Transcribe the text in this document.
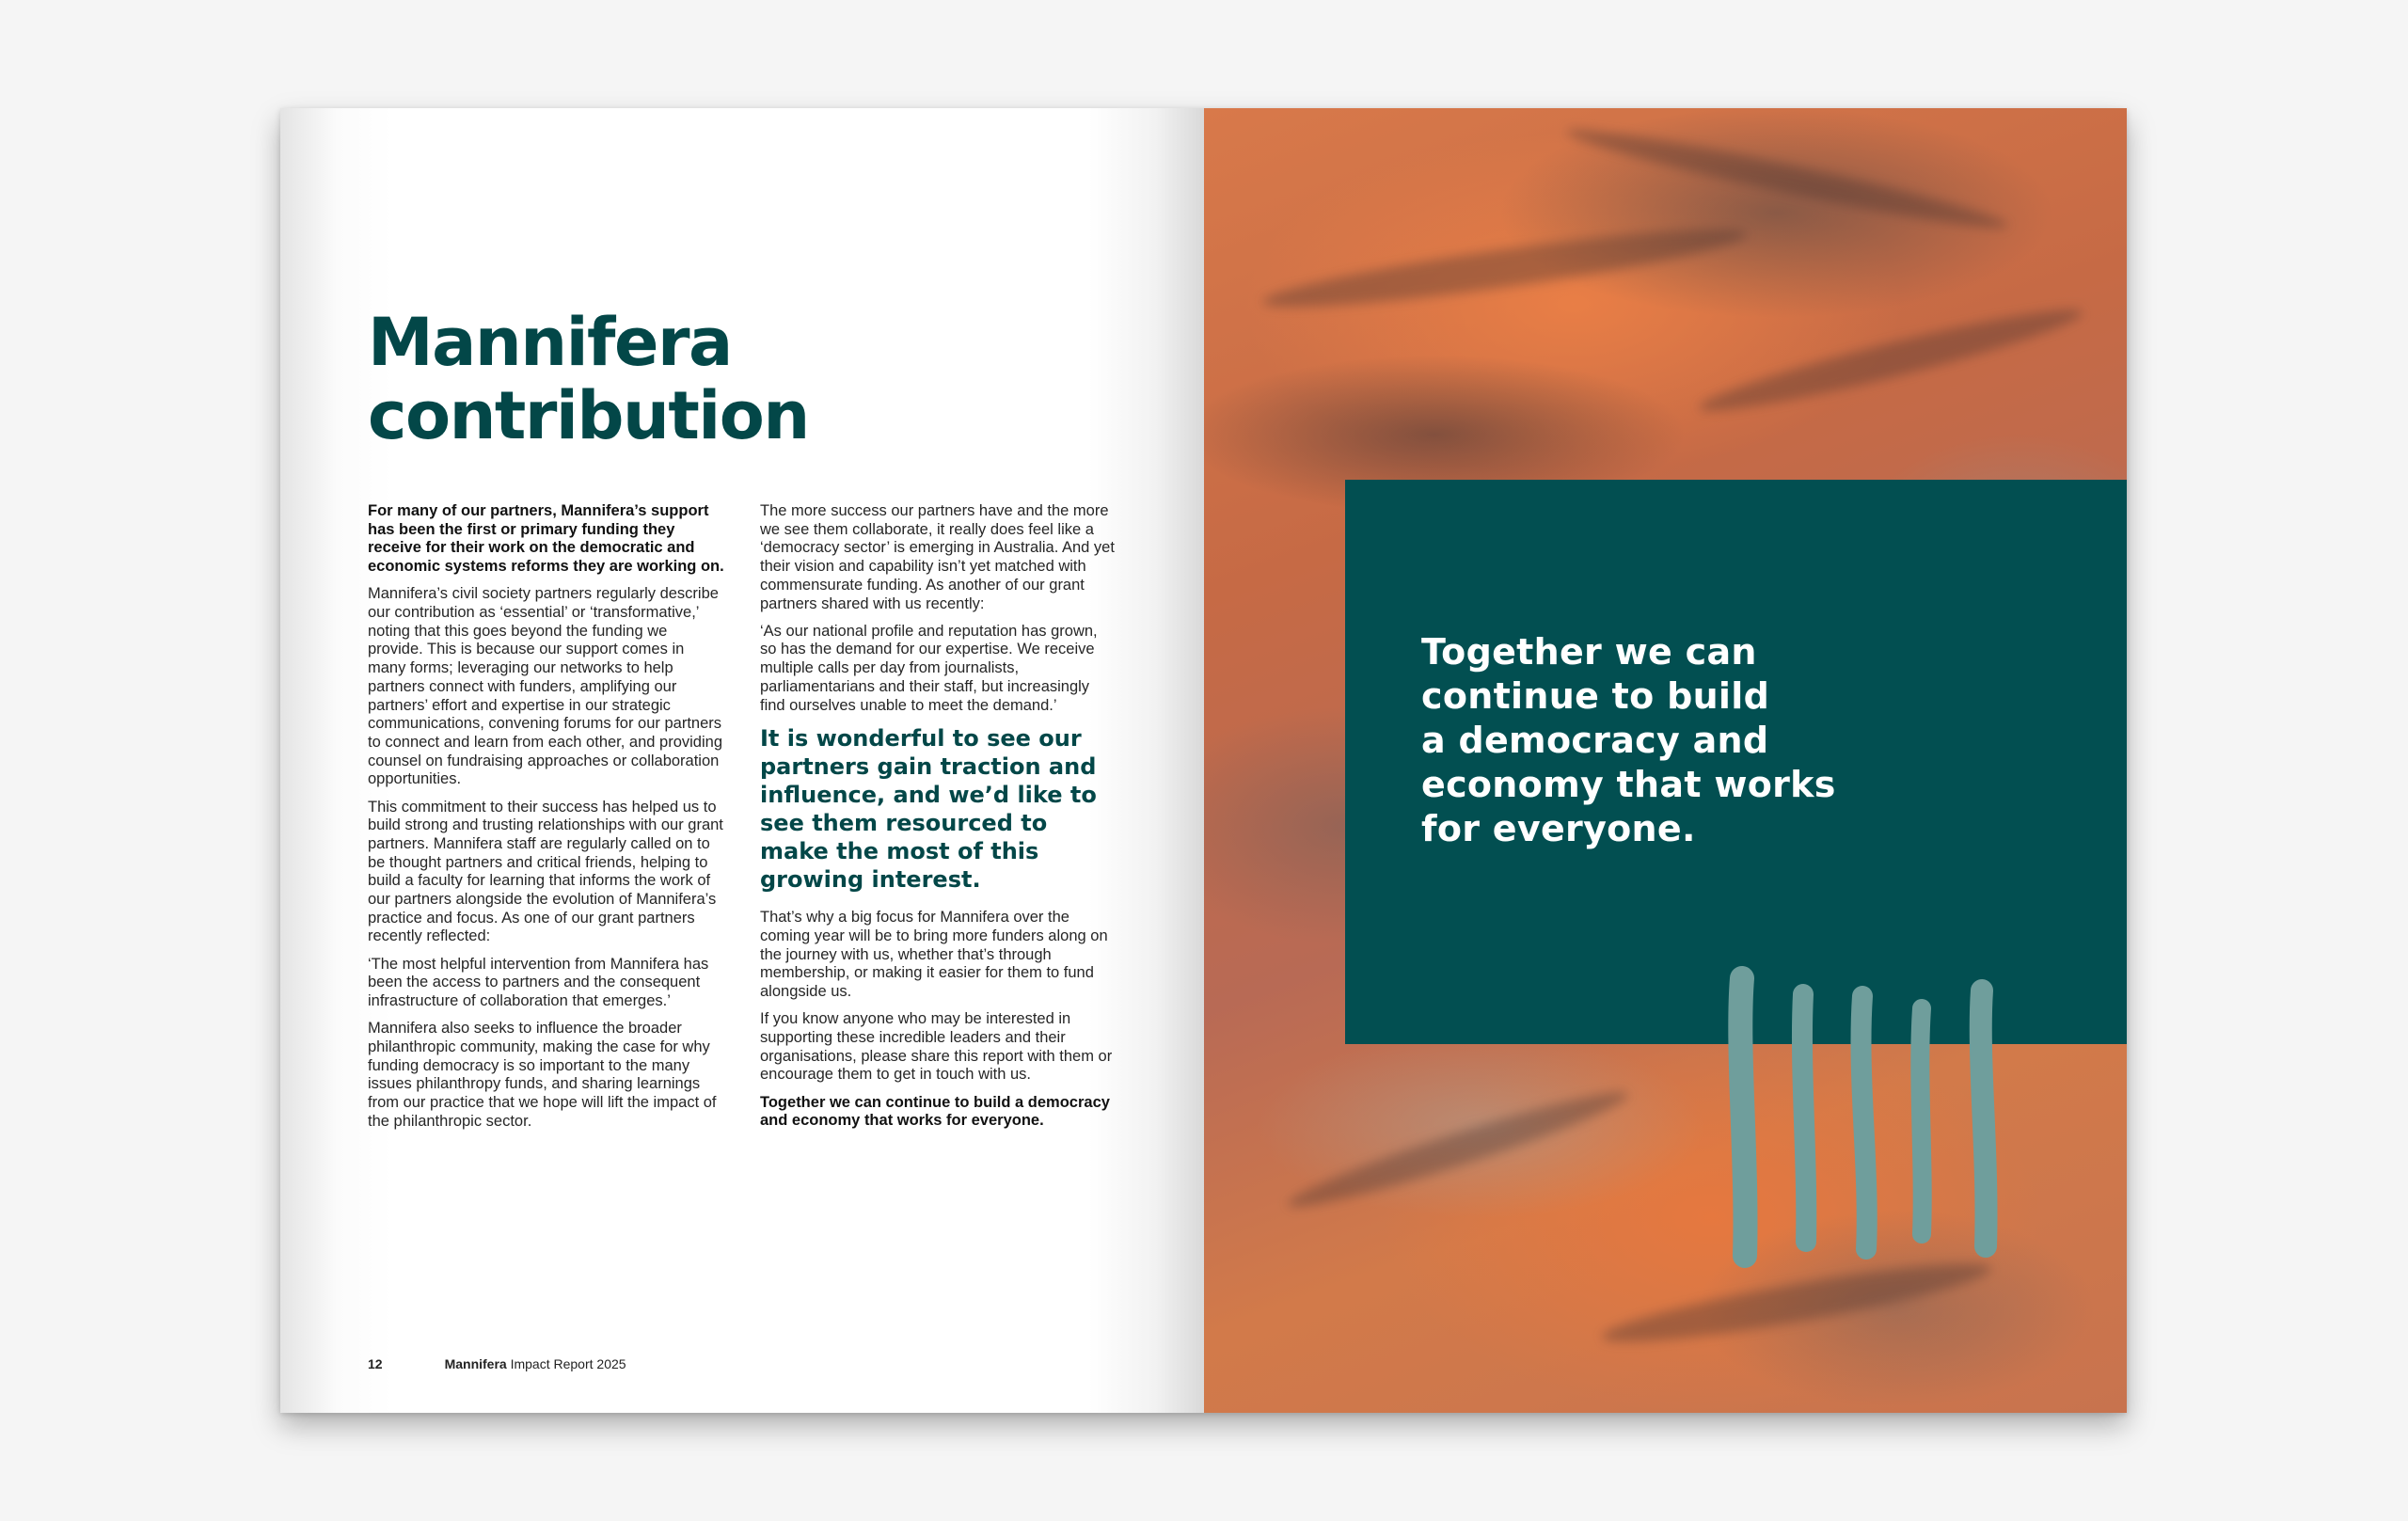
Mannifera
contribution

For many of our partners, Mannifera’s support has been the first or primary funding they receive for their work on the democratic and economic systems reforms they are working on.

Mannifera’s civil society partners regularly describe our contribution as ‘essential’ or ‘transformative,’ noting that this goes beyond the funding we provide. This is because our support comes in many forms; leveraging our networks to help partners connect with funders, amplifying our partners’ effort and expertise in our strategic communications, convening forums for our partners to connect and learn from each other, and providing counsel on fundraising approaches or collaboration opportunities.

This commitment to their success has helped us to build strong and trusting relationships with our grant partners. Mannifera staff are regularly called on to be thought partners and critical friends, helping to build a faculty for learning that informs the work of our partners alongside the evolution of Mannifera’s practice and focus. As one of our grant partners recently reflected:

‘The most helpful intervention from Mannifera has been the access to partners and the consequent infrastructure of collaboration that emerges.’

Mannifera also seeks to influence the broader philanthropic community, making the case for why funding democracy is so important to the many issues philanthropy funds, and sharing learnings from our practice that we hope will lift the impact of the philanthropic sector.

The more success our partners have and the more we see them collaborate, it really does feel like a ‘democracy sector’ is emerging in Australia. And yet their vision and capability isn’t yet matched with commensurate funding. As another of our grant partners shared with us recently:

‘As our national profile and reputation has grown, so has the demand for our expertise. We receive multiple calls per day from journalists, parliamentarians and their staff, but increasingly find ourselves unable to meet the demand.’

It is wonderful to see our partners gain traction and influence, and we’d like to see them resourced to make the most of this growing interest.

That’s why a big focus for Mannifera over the coming year will be to bring more funders along on the journey with us, whether that’s through membership, or making it easier for them to fund alongside us.

If you know anyone who may be interested in supporting these incredible leaders and their organisations, please share this report with them or encourage them to get in touch with us.

Together we can continue to build a democracy and economy that works for everyone.

12	Mannifera Impact Report 2025

Together we can
continue to build
a democracy and
economy that works
for everyone.
